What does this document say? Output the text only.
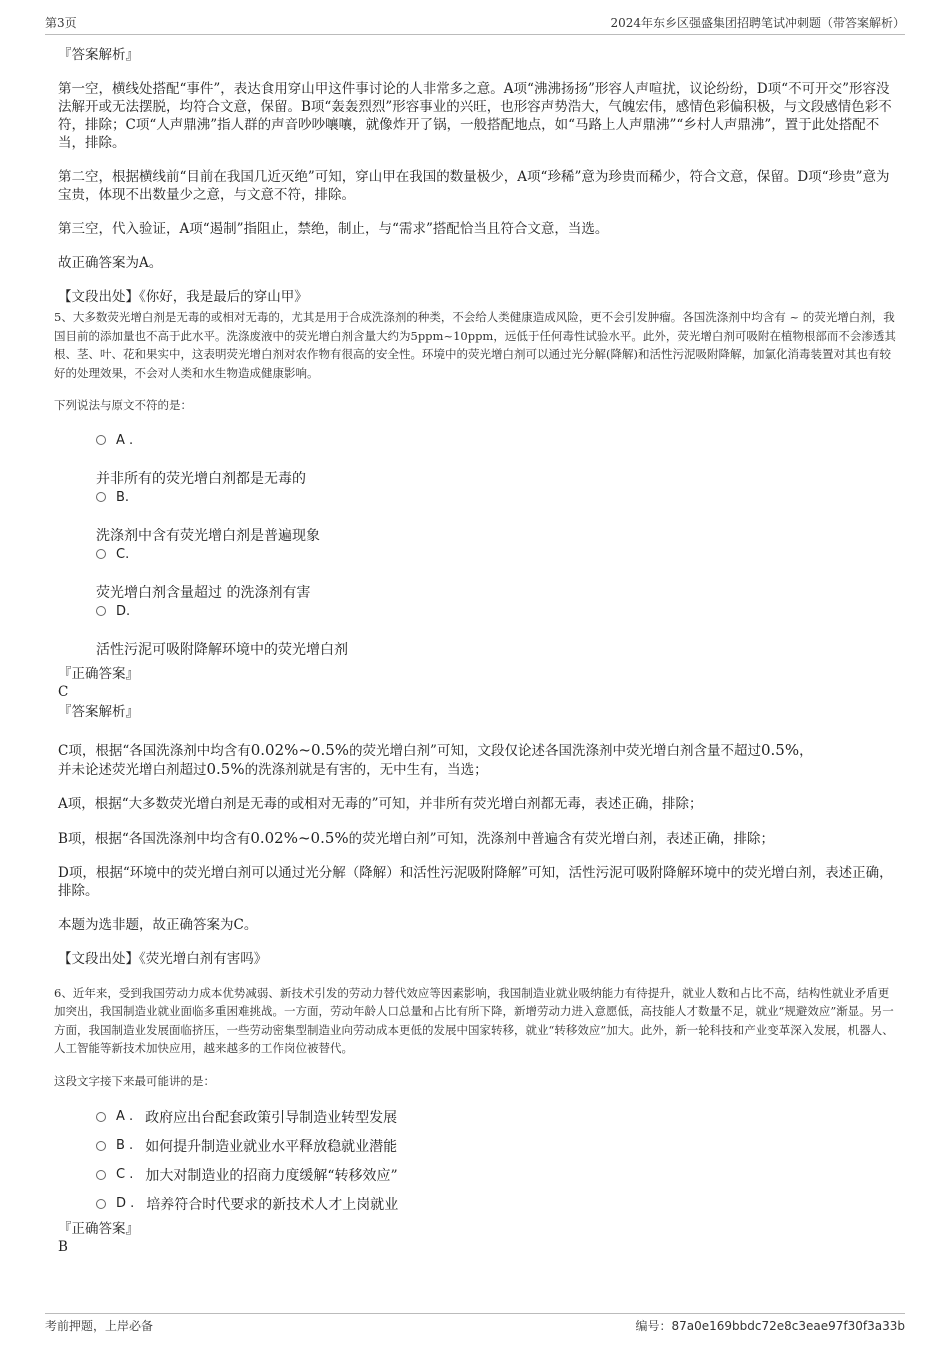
第3页	2024年东乡区强盛集团招聘笔试冲刺题（带答案解析）
『答案解析』

第一空，横线处搭配“事件”，表达食用穿山甲这件事讨论的人非常多之意。A项“沸沸扬扬”形容人声喧扰，议论纷纷，D项“不可开交”形容没法解开或无法摆脱，均符合文意，保留。B项“轰轰烈烈”形容事业的兴旺，也形容声势浩大，气魄宏伟，感情色彩偏积极，与文段感情色彩不符，排除；C项“人声鼎沸”指人群的声音吵吵嚷嚷，就像炸开了锅，一般搭配地点，如“马路上人声鼎沸”“乡村人声鼎沸”，置于此处搭配不当，排除。

第二空，根据横线前“目前在我国几近灭绝”可知，穿山甲在我国的数量极少，A项“珍稀”意为珍贵而稀少，符合文意，保留。D项“珍贵”意为宝贵，体现不出数量少之意，与文意不符，排除。

第三空，代入验证，A项“遏制”指阻止，禁绝，制止，与“需求”搭配恰当且符合文意，当选。

故正确答案为A。

【文段出处】《你好，我是最后的穿山甲》

5、大多数荧光增白剂是无毒的或相对无毒的，尤其是用于合成洗涤剂的种类，不会给人类健康造成风险，更不会引发肿瘤。各国洗涤剂中均含有 ~ 的荧光增白剂，我国目前的添加量也不高于此水平。洗涤废液中的荧光增白剂含量大约为5ppm~10ppm，远低于任何毒性试验水平。此外，荧光增白剂可吸附在植物根部而不会渗透其根、茎、叶、花和果实中，这表明荧光增白剂对农作物有很高的安全性。环境中的荧光增白剂可以通过光分解(降解)和活性污泥吸附降解，加氯化消毒装置对其也有较好的处理效果，不会对人类和水生物造成健康影响。

下列说法与原文不符的是：

A .
并非所有的荧光增白剂都是无毒的
B.
洗涤剂中含有荧光增白剂是普遍现象
C.
荧光增白剂含量超过 的洗涤剂有害
D.
活性污泥可吸附降解环境中的荧光增白剂
『正确答案』
C
『答案解析』

C项，根据“各国洗涤剂中均含有0.02%~0.5%的荧光增白剂”可知，文段仅论述各国洗涤剂中荧光增白剂含量不超过0.5%，
并未论述荧光增白剂超过0.5%的洗涤剂就是有害的，无中生有，当选；

A项，根据“大多数荧光增白剂是无毒的或相对无毒的”可知，并非所有荧光增白剂都无毒，表述正确，排除；

B项，根据“各国洗涤剂中均含有0.02%~0.5%的荧光增白剂”可知，洗涤剂中普遍含有荧光增白剂，表述正确，排除；

D项，根据“环境中的荧光增白剂可以通过光分解（降解）和活性污泥吸附降解”可知，活性污泥可吸附降解环境中的荧光增白剂，表述正确，排除。

本题为选非题，故正确答案为C。

【文段出处】《荧光增白剂有害吗》

6、近年来，受到我国劳动力成本优势减弱、新技术引发的劳动力替代效应等因素影响，我国制造业就业吸纳能力有待提升，就业人数和占比不高，结构性就业矛盾更加突出，我国制造业就业面临多重困难挑战。一方面，劳动年龄人口总量和占比有所下降，新增劳动力进入意愿低，高技能人才数量不足，就业“规避效应”渐显。另一方面，我国制造业发展面临挤压，一些劳动密集型制造业向劳动成本更低的发展中国家转移，就业“转移效应”加大。此外，新一轮科技和产业变革深入发展，机器人、人工智能等新技术加快应用，越来越多的工作岗位被替代。

这段文字接下来最可能讲的是：

A . 政府应出台配套政策引导制造业转型发展
B . 如何提升制造业就业水平释放稳就业潜能
C . 加大对制造业的招商力度缓解“转移效应”
D . 培养符合时代要求的新技术人才上岗就业
『正确答案』
B
考前押题，上岸必备	编号：87a0e169bbdc72e8c3eae97f30f3a33b
